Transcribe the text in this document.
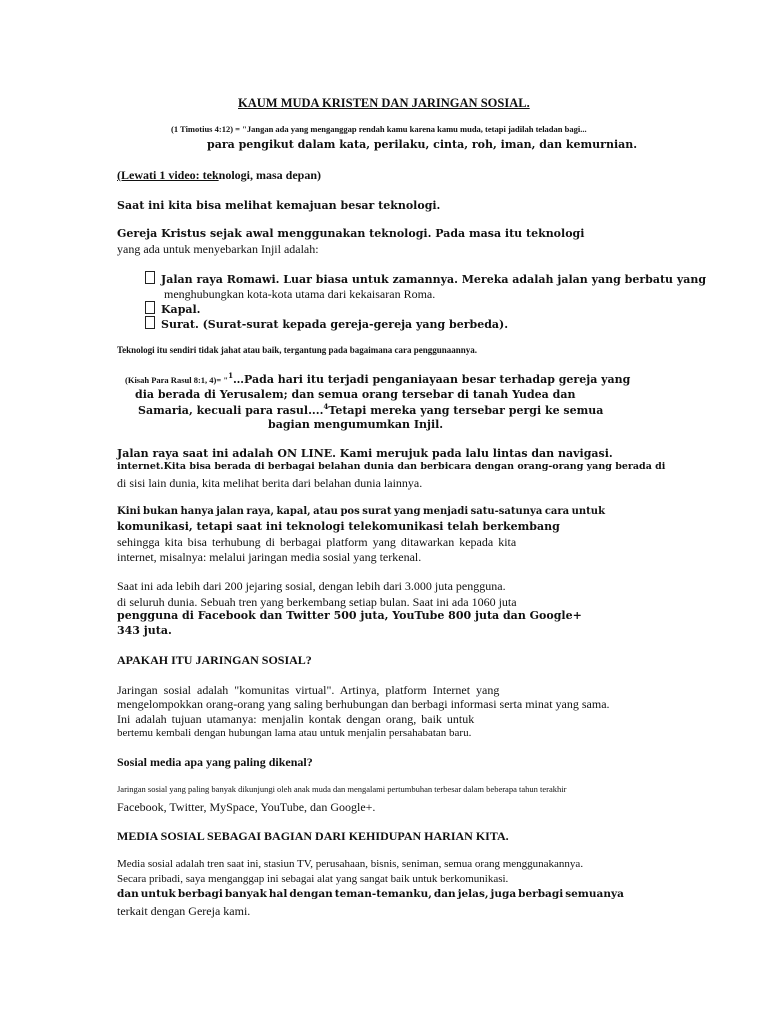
KAUM MUDA KRISTEN DAN JARINGAN SOSIAL.
(1 Timotius 4:12) = "Jangan ada yang menganggap rendah kamu karena kamu muda, tetapi jadilah teladan bagi...
para pengikut dalam kata, perilaku, cinta, roh, iman, dan kemurnian.
(Lewati 1 video: teknologi, masa depan)
Saat ini kita bisa melihat kemajuan besar teknologi.
Gereja Kristus sejak awal menggunakan teknologi. Pada masa itu teknologi
yang ada untuk menyebarkan Injil adalah:
Jalan raya Romawi. Luar biasa untuk zamannya. Mereka adalah jalan yang berbatu yang
menghubungkan kota-kota utama dari kekaisaran Roma.
Kapal.
Surat. (Surat-surat kepada gereja-gereja yang berbeda).
Teknologi itu sendiri tidak jahat atau baik, tergantung pada bagaimana cara penggunaannya.
(Kisah Para Rasul 8:1, 4)= "$^1$…Pada hari itu terjadi penganiayaan besar terhadap gereja yang
dia berada di Yerusalem; dan semua orang tersebar di tanah Yudea dan
Samaria, kecuali para rasul....$^4$Tetapi mereka yang tersebar pergi ke semua
bagian mengumumkan Injil.
Jalan raya saat ini adalah ON LINE. Kami merujuk pada lalu lintas dan navigasi.
internet.Kita bisa berada di berbagai belahan dunia dan berbicara dengan orang-orang yang berada di
di sisi lain dunia, kita melihat berita dari belahan dunia lainnya.
Kini bukan hanya jalan raya, kapal, atau pos surat yang menjadi satu-satunya cara untuk
komunikasi, tetapi saat ini teknologi telekomunikasi telah berkembang
sehingga kita bisa terhubung di berbagai platform yang ditawarkan kepada kita
internet, misalnya: melalui jaringan media sosial yang terkenal.
Saat ini ada lebih dari 200 jejaring sosial, dengan lebih dari 3.000 juta pengguna.
di seluruh dunia. Sebuah tren yang berkembang setiap bulan. Saat ini ada 1060 juta
pengguna di Facebook dan Twitter 500 juta, YouTube 800 juta dan Google+
343 juta.
APAKAH ITU JARINGAN SOSIAL?
Jaringan sosial adalah "komunitas virtual". Artinya, platform Internet yang
mengelompokkan orang-orang yang saling berhubungan dan berbagi informasi serta minat yang sama.
Ini adalah tujuan utamanya: menjalin kontak dengan orang, baik untuk
bertemu kembali dengan hubungan lama atau untuk menjalin persahabatan baru.
Sosial media apa yang paling dikenal?
Jaringan sosial yang paling banyak dikunjungi oleh anak muda dan mengalami pertumbuhan terbesar dalam beberapa tahun terakhir
Facebook, Twitter, MySpace, YouTube, dan Google+.
MEDIA SOSIAL SEBAGAI BAGIAN DARI KEHIDUPAN HARIAN KITA.
Media sosial adalah tren saat ini, stasiun TV, perusahaan, bisnis, seniman, semua orang menggunakannya.
Secara pribadi, saya menganggap ini sebagai alat yang sangat baik untuk berkomunikasi.
dan untuk berbagi banyak hal dengan teman-temanku, dan jelas, juga berbagi semuanya
terkait dengan Gereja kami.
